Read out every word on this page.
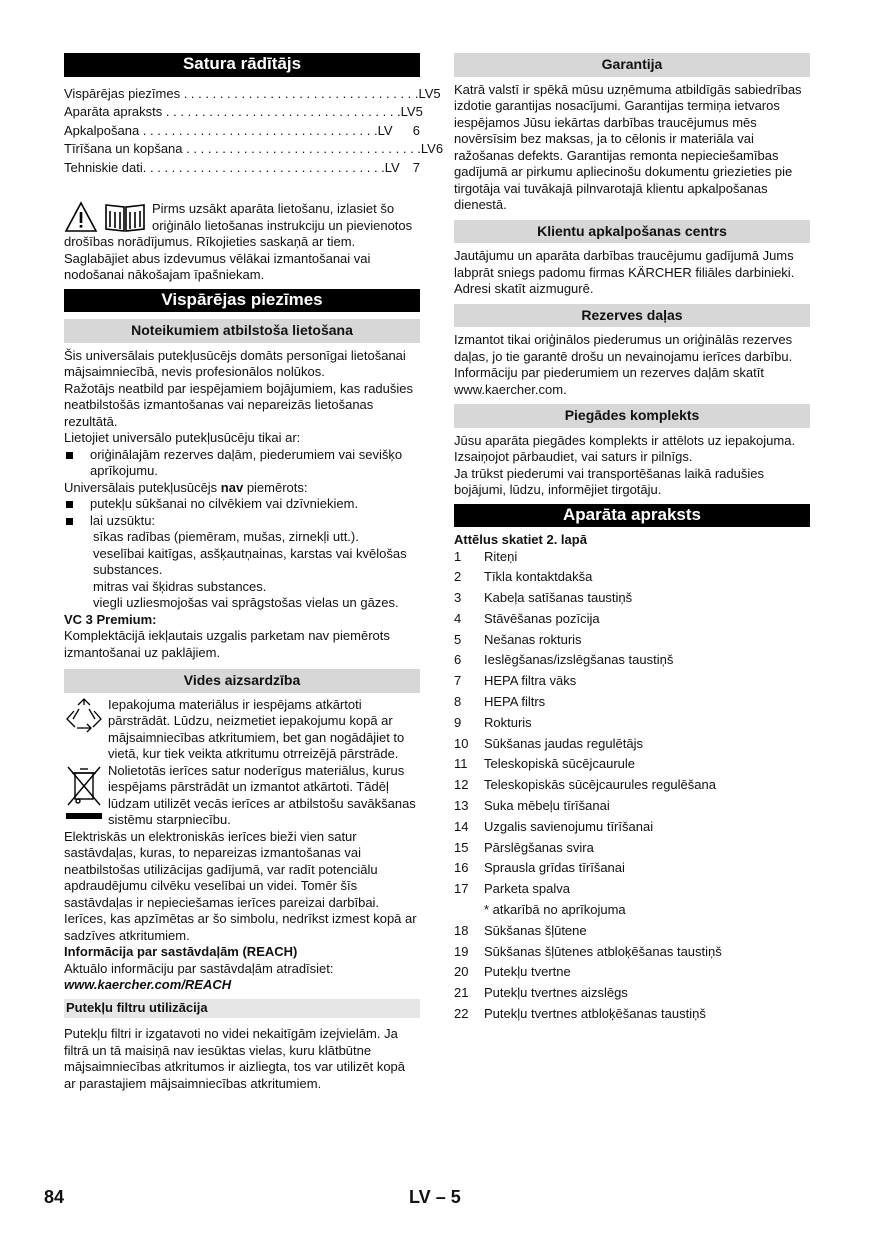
Satura rādītājs
Vispārējas piezīmes . . . . . . . . . . . . . . . . . . . . . . . . . . . . . . . . . LV 5
Aparāta apraksts . . . . . . . . . . . . . . . . . . . . . . . . . . . . . . . . . LV 5
Apkalpošana . . . . . . . . . . . . . . . . . . . . . . . . . . . . . . . . . LV	6
Tīrīšana un kopšana . . . . . . . . . . . . . . . . . . . . . . . . . . . . . . . . . LV 6
Tehniskie dati. . . . . . . . . . . . . . . . . . . . . . . . . . . . . . . . . . LV	7

Pirms uzsākt aparāta lietošanu, izlasiet šo oriģinālo lietošanas instrukciju un pievienotos drošības norādījumus. Rīkojieties saskaņā ar tiem. Saglabājiet abus izdevumus vēlākai izmantošanai vai nodošanai nākošajam īpašniekam.

Vispārējas piezīmes
Noteikumiem atbilstoša lietošana

Šis universālais putekļusūcējs domāts personīgai lietošanai mājsaimniecībā, nevis profesionālos nolūkos.

Ražotājs neatbild par iespējamiem bojājumiem, kas radušies neatbilstošās izmantošanas vai nepareizās lietošanas rezultātā.

Lietojiet universālo putekļusūcēju tikai ar:

oriģinālajām rezerves daļām, piederumiem vai sevišķo aprīkojumu.

Universālais putekļusūcējs nav piemērots:

putekļu sūkšanai no cilvēkiem vai dzīvniekiem.
lai uzsūktu:

sīkas radības (piemēram, mušas, zirnekļi utt.).

veselībai kaitīgas, asšķautņainas, karstas vai kvēlošas substances.

mitras vai šķidras substances.

viegli uzliesmojošas vai sprāgstošas vielas un gāzes.

VC 3 Premium:

Komplektācijā iekļautais uzgalis parketam nav piemērots izmantošanai uz paklājiem.

Vides aizsardzība

Iepakojuma materiālus ir iespējams atkārtoti pārstrādāt. Lūdzu, neizmetiet iepakojumu kopā ar mājsaimniecības atkritumiem, bet gan nogādājiet to vietā, kur tiek veikta atkritumu otrreizējā pārstrāde.

Nolietotās ierīces satur noderīgus materiālus, kurus iespējams pārstrādāt un izmantot atkārtoti. Tādēļ lūdzam utilizēt vecās ierīces ar atbilstošu savākšanas sistēmu starpniecību.

Elektriskās un elektroniskās ierīces bieži vien satur sastāvdaļas, kuras, to nepareizas izmantošanas vai neatbilstošas utilizācijas gadījumā, var radīt potenciālu apdraudējumu cilvēku veselībai un videi. Tomēr šīs sastāvdaļas ir nepieciešamas ierīces pareizai darbībai. Ierīces, kas apzīmētas ar šo simbolu, nedrīkst izmest kopā ar sadzīves atkritumiem.

Informācija par sastāvdaļām (REACH)

Aktuālo informāciju par sastāvdaļām atradīsiet:

www.kaercher.com/REACH

Putekļu filtru utilizācija

Putekļu filtri ir izgatavoti no videi nekaitīgām izejvielām. Ja filtrā un tā maisiņā nav iesūktas vielas, kuru klātbūtne mājsaimniecības atkritumos ir aizliegta, tos var utilizēt kopā ar parastajiem mājsaimniecības atkritumiem.

Garantija

Katrā valstī ir spēkā mūsu uzņēmuma atbildīgās sabiedrības izdotie garantijas nosacījumi. Garantijas termiņa ietvaros iespējamos Jūsu iekārtas darbības traucējumus mēs novērsīsim bez maksas, ja to cēlonis ir materiāla vai ražošanas defekts. Garantijas remonta nepieciešamības gadījumā ar pirkumu apliecinošu dokumentu griezieties pie tirgotāja vai tuvākajā pilnvarotajā klientu apkalpošanas dienestā.

Klientu apkalpošanas centrs

Jautājumu un aparāta darbības traucējumu gadījumā Jums labprāt sniegs padomu firmas KÄRCHER filiāles darbinieki. Adresi skatīt aizmugurē.

Rezerves daļas

Izmantot tikai oriģinālos piederumus un oriģinālās rezerves daļas, jo tie garantē drošu un nevainojamu ierīces darbību.

Informāciju par piederumiem un rezerves daļām skatīt www.kaercher.com.

Piegādes komplekts

Jūsu aparāta piegādes komplekts ir attēlots uz iepakojuma. Izsaiņojot pārbaudiet, vai saturs ir pilnīgs.

Ja trūkst piederumi vai transportēšanas laikā radušies bojājumi, lūdzu, informējiet tirgotāju.

Aparāta apraksts

Attēlus skatiet 2. lapā

1	Riteņi
2	Tīkla kontaktdakša
3	Kabeļa satīšanas taustiņš
4	Stāvēšanas pozīcija
5	Nešanas rokturis
6	Ieslēgšanas/izslēgšanas taustiņš
7	HEPA filtra vāks
8	HEPA filtrs
9	Rokturis
10	Sūkšanas jaudas regulētājs
11	Teleskopiskā sūcējcaurule
12	Teleskopiskās sūcējcaurules regulēšana
13	Suka mēbeļu tīrīšanai
14	Uzgalis savienojumu tīrīšanai
15	Pārslēgšanas svira
16	Sprausla grīdas tīrīšanai
17	Parketa spalva
* atkarībā no aprīkojuma
18	Sūkšanas šļūtene
19	Sūkšanas šļūtenes atbloķēšanas taustiņš
20	Putekļu tvertne
21	Putekļu tvertnes aizslēgs
22	Putekļu tvertnes atbloķēšanas taustiņš
84	LV – 5
